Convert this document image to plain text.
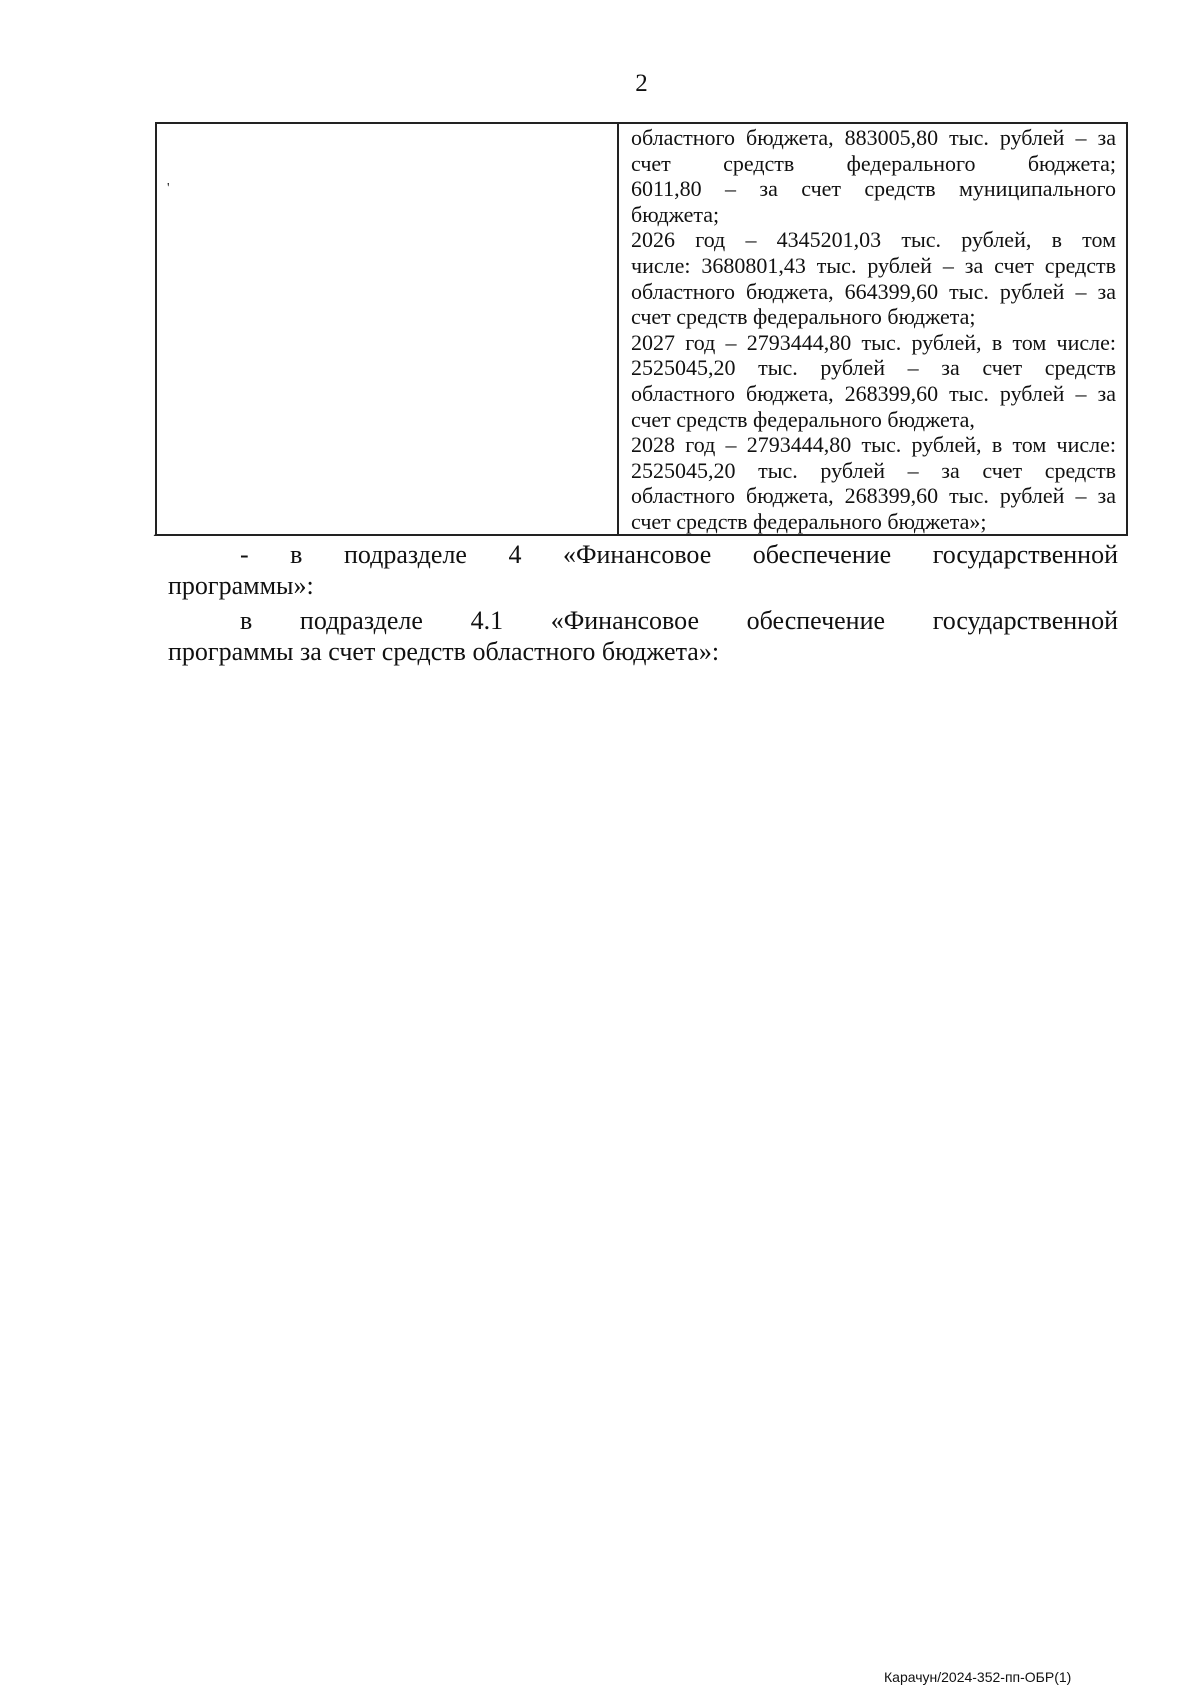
2
'
.
областного бюджета, 883005,80 тыс. рублей – за
счет средств федерального бюджета;
6011,80 – за счет средств муниципального
бюджета;
2026 год – 4345201,03 тыс. рублей, в том
числе: 3680801,43 тыс. рублей – за счет средств
областного бюджета, 664399,60 тыс. рублей – за
счет средств федерального бюджета;
2027 год – 2793444,80 тыс. рублей, в том числе:
2525045,20 тыс. рублей – за счет средств
областного бюджета, 268399,60 тыс. рублей – за
счет средств федерального бюджета,
2028 год – 2793444,80 тыс. рублей, в том числе:
2525045,20 тыс. рублей – за счет средств
областного бюджета, 268399,60 тыс. рублей – за
счет средств федерального бюджета»;
- в подразделе 4 «Финансовое обеспечение государственной
программы»:
в подразделе 4.1 «Финансовое обеспечение государственной
программы за счет средств областного бюджета»:
Карачун/2024-352-пп-ОБР(1)
